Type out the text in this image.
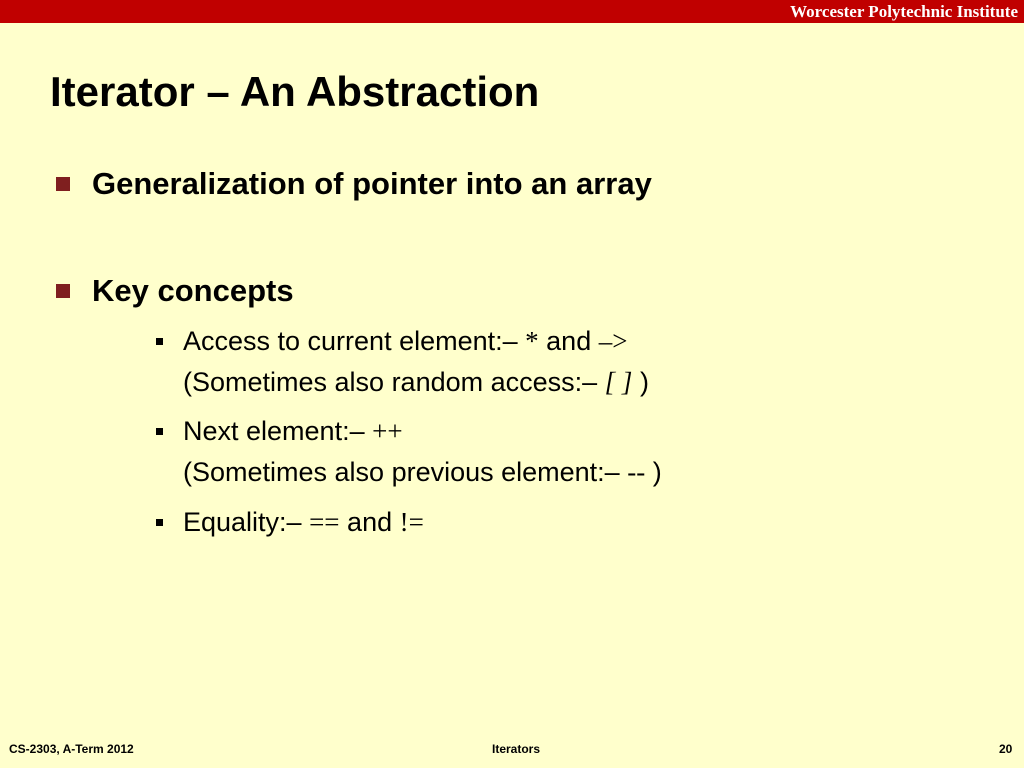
Worcester Polytechnic Institute
Iterator – An Abstraction
Generalization of pointer into an array
Key concepts
Access to current element:– * and –>
(Sometimes also random access:– [ ] )
Next element:– ++
(Sometimes also previous element:– -- )
Equality:– == and !=
CS-2303, A-Term 2012	Iterators	20
